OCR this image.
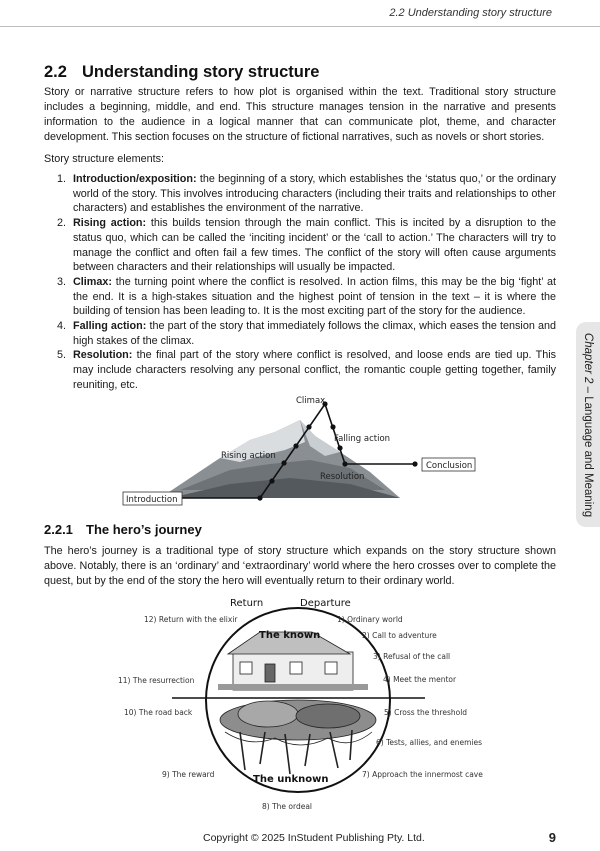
2.2 Understanding story structure
2.2 Understanding story structure

Story or narrative structure refers to how plot is organised within the text. Traditional story structure includes a beginning, middle, and end. This structure manages tension in the narrative and presents information to the audience in a logical manner that can communicate plot, theme, and character development. This section focuses on the structure of fictional narratives, such as novels or short stories.

Story structure elements:

1. Introduction/exposition: the beginning of a story, which establishes the ‘status quo,’ or the ordinary world of the story. This involves introducing characters (including their traits and relationships to other characters) and establishes the environment of the narrative.
2. Rising action: this builds tension through the main conflict. This is incited by a disruption to the status quo, which can be called the ‘inciting incident’ or the ‘call to action.’ The characters will try to manage the conflict and often fail a few times. The conflict of the story will often cause arguments between characters and their relationships will usually be impacted.
3. Climax: the turning point where the conflict is resolved. In action films, this may be the big ‘fight’ at the end. It is a high-stakes situation and the highest point of tension in the text – it is where the building of tension has been leading to. It is the most exciting part of the story for the audience.
4. Falling action: the part of the story that immediately follows the climax, which eases the tension and high stakes of the climax.
5. Resolution: the final part of the story where conflict is resolved, and loose ends are tied up. This may include characters resolving any personal conflict, the romantic couple getting together, family reuniting, etc.
Climax
Falling action
Rising action
Resolution
Conclusion
Introduction
2.2.1 The hero’s journey

The hero’s journey is a traditional type of story structure which expands on the story structure shown above. Notably, there is an ‘ordinary’ and ‘extraordinary’ world where the hero crosses over to complete the quest, but by the end of the story the hero will eventually return to their ordinary world.

Return	Departure
The known
The unknown
1) Ordinary world
2) Call to adventure
3) Refusal of the call
4) Meet the mentor
5) Cross the threshold
6) Tests, allies, and enemies
7) Approach the innermost cave
8) The ordeal
9) The reward
10) The road back
11) The resurrection
12) Return with the elixir
Chapter 2 – Language and Meaning
Copyright © 2025 InStudent Publishing Pty. Ltd.	9
